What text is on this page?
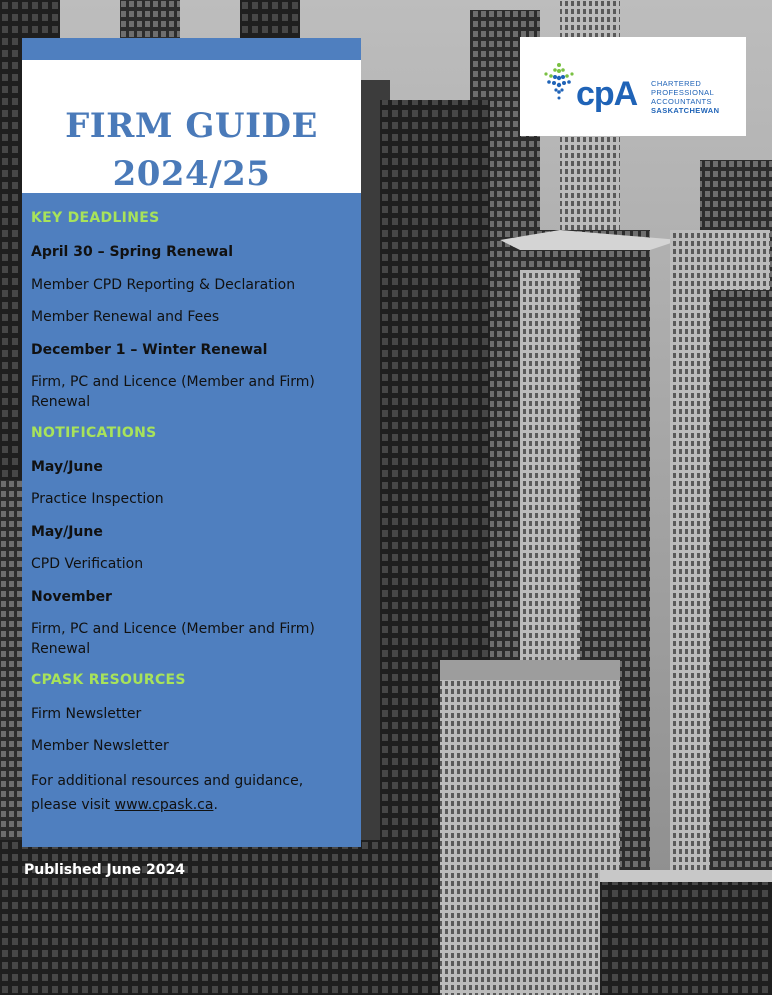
FIRM GUIDE
2024/25
KEY DEADLINES
April 30 – Spring Renewal
Member CPD Reporting & Declaration
Member Renewal and Fees
December 1 – Winter Renewal
Firm, PC and Licence (Member and Firm) Renewal
NOTIFICATIONS
May/June
Practice Inspection
May/June
CPD Verification
November
Firm, PC and Licence (Member and Firm) Renewal
CPASK RESOURCES
Firm Newsletter
Member Newsletter
For additional resources and guidance, please visit www.cpask.ca.
cpA CHARTERED
PROFESSIONAL
ACCOUNTANTS
SASKATCHEWAN
Published June 2024
